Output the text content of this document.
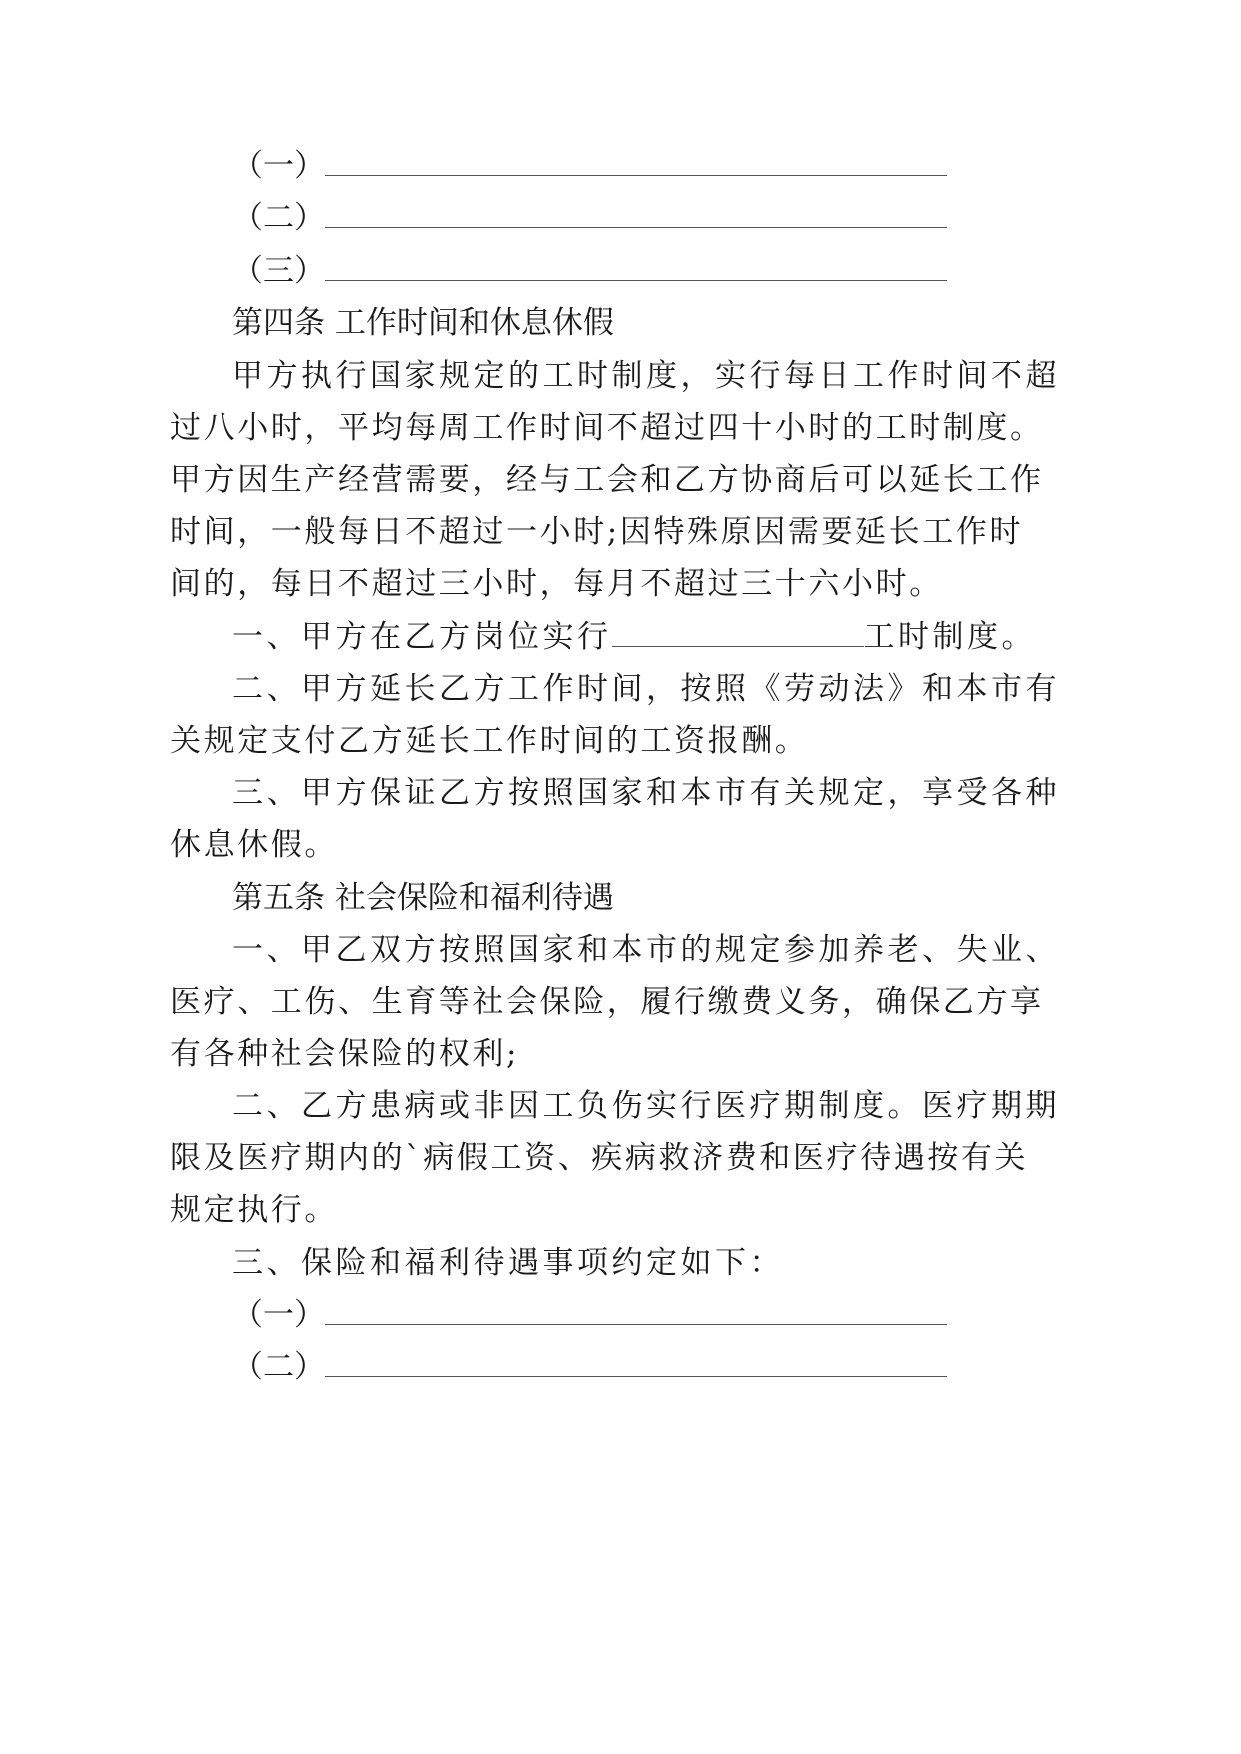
（一）
（二）
（三）
第四条 工作时间和休息休假
甲方执行国家规定的工时制度，实行每日工作时间不超
过八小时，平均每周工作时间不超过四十小时的工时制度。
甲方因生产经营需要，经与工会和乙方协商后可以延长工作
时间，一般每日不超过一小时;因特殊原因需要延长工作时
间的，每日不超过三小时，每月不超过三十六小时。
一、甲方在乙方岗位实行	工时制度。
二、甲方延长乙方工作时间，按照《劳动法》和本市有
关规定支付乙方延长工作时间的工资报酬。
三、甲方保证乙方按照国家和本市有关规定，享受各种
休息休假。
第五条 社会保险和福利待遇
一、甲乙双方按照国家和本市的规定参加养老、失业、
医疗、工伤、生育等社会保险，履行缴费义务，确保乙方享
有各种社会保险的权利;
二、乙方患病或非因工负伤实行医疗期制度。医疗期期
限及医疗期内的`病假工资、疾病救济费和医疗待遇按有关
规定执行。
三、保险和福利待遇事项约定如下：
（一）
（二）
